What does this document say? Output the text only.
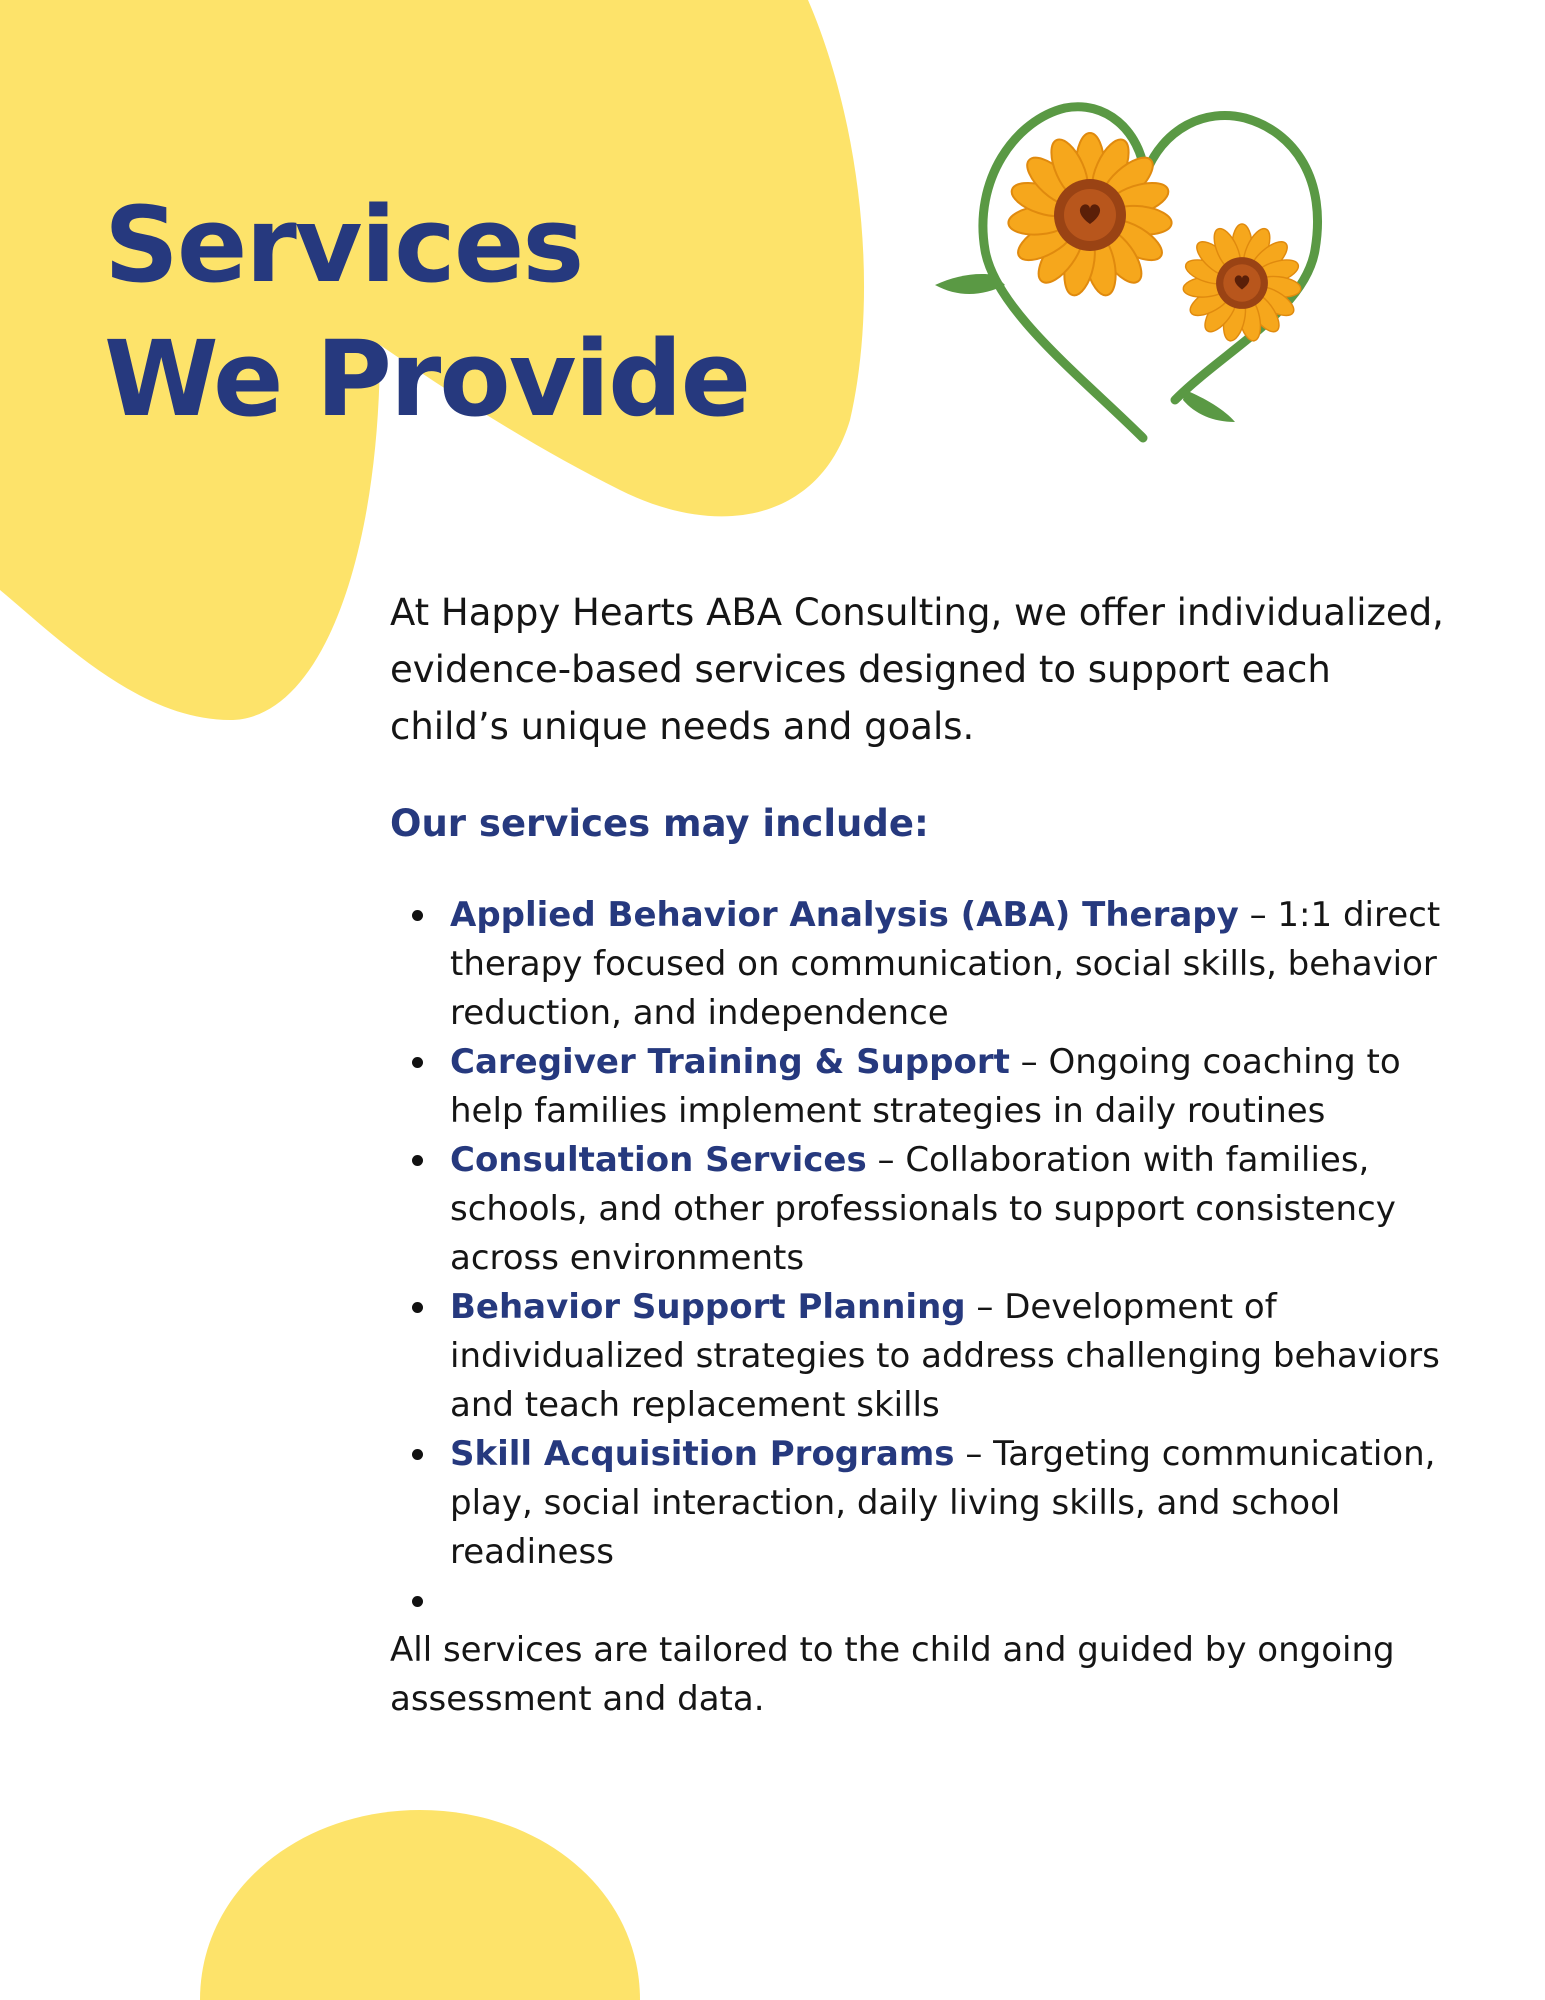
Services
We Provide

At Happy Hearts ABA Consulting, we offer individualized, evidence-based services designed to support each child’s unique needs and goals.

Our services may include:
Applied Behavior Analysis (ABA) Therapy – 1:1 direct therapy focused on communication, social skills, behavior reduction, and independence
Caregiver Training & Support – Ongoing coaching to help families implement strategies in daily routines
Consultation Services – Collaboration with families, schools, and other professionals to support consistency across environments
Behavior Support Planning – Development of individualized strategies to address challenging behaviors and teach replacement skills
Skill Acquisition Programs – Targeting communication, play, social interaction, daily living skills, and school readiness

All services are tailored to the child and guided by ongoing assessment and data.
